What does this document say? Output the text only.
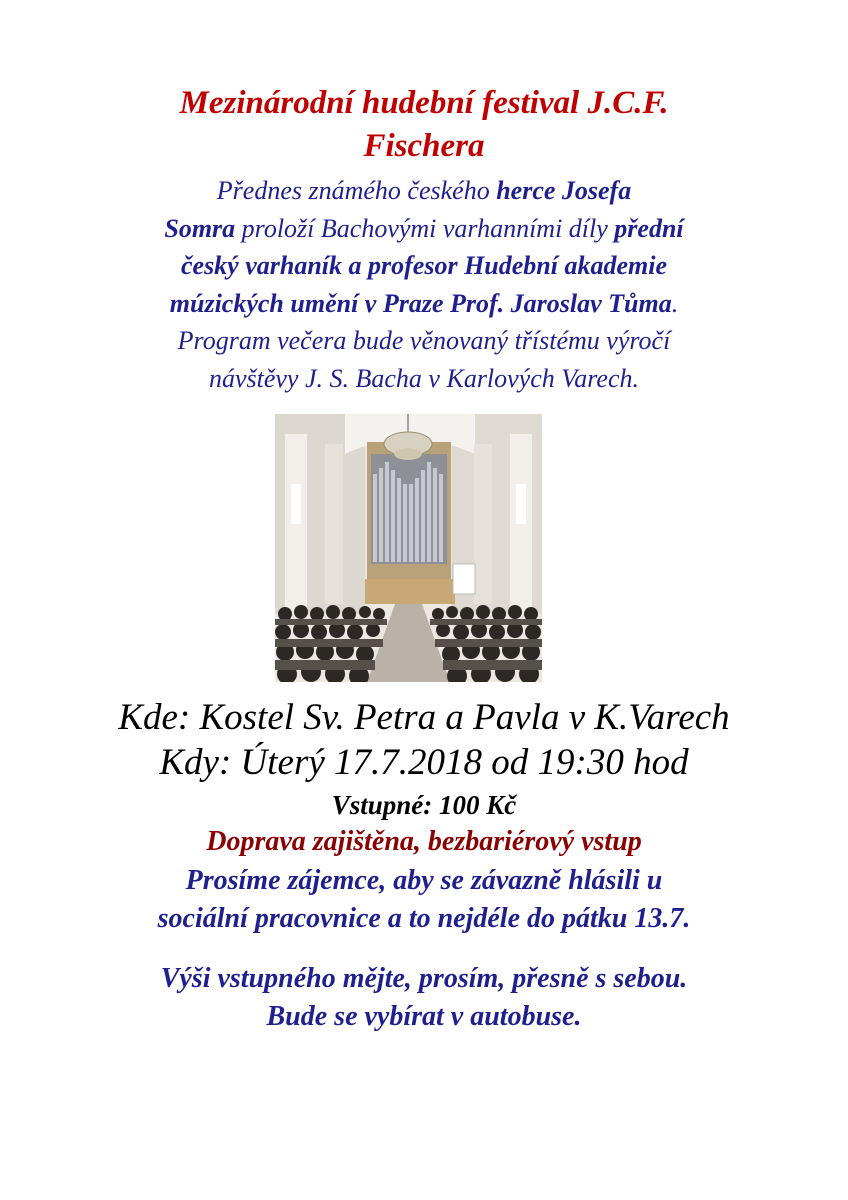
Mezinárodní hudební festival J.C.F.
Fischera

Přednes známého českého herce Josefa
Somra proloží Bachovými varhanními díly přední
český varhaník a profesor Hudební akademie
múzických umění v Praze Prof. Jaroslav Tůma.
Program večera bude věnovaný třístému výročí
návštěvy J. S. Bacha v Karlových Varech.

Kde: Kostel Sv. Petra a Pavla v K.Varech

Kdy: Úterý 17.7.2018 od 19:30 hod

Vstupné: 100 Kč

Doprava zajištěna, bezbariérový vstup

Prosíme zájemce, aby se závazně hlásili u
sociální pracovnice a to nejdéle do pátku 13.7.

Výši vstupného mějte, prosím, přesně s sebou.
Bude se vybírat v autobuse.
